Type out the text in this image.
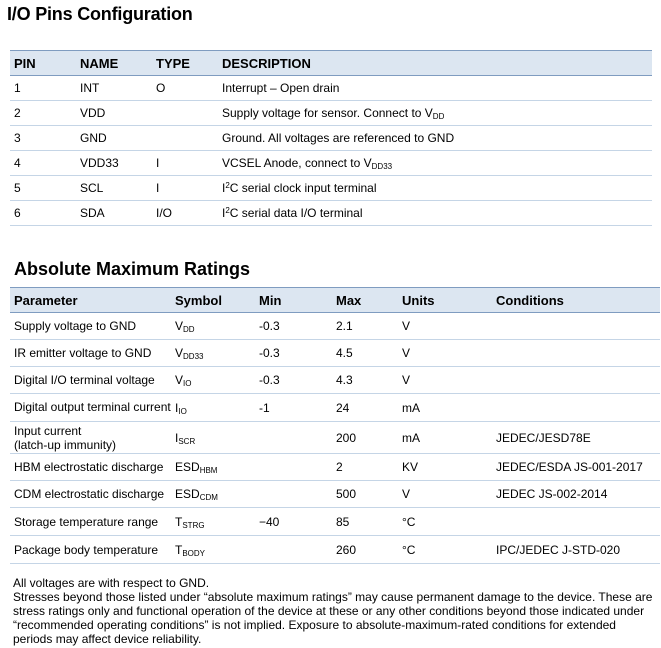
I/O Pins Configuration
PIN	NAME	TYPE	DESCRIPTION
1	INT	O	Interrupt – Open drain
2	VDD		Supply voltage for sensor. Connect to $V_{DD}$
3	GND		Ground. All voltages are referenced to GND
4	VDD33	I	VCSEL Anode, connect to $V_{DD33}$
5	SCL	I	$I^2C$ serial clock input terminal
6	SDA	I/O	$I^2C$ serial data I/O terminal
Absolute Maximum Ratings
Parameter	Symbol	Min	Max	Units	Conditions
Supply voltage to GND	$V_{DD}$	-0.3	2.1	V	
IR emitter voltage to GND	$V_{DD33}$	-0.3	4.5	V	
Digital I/O terminal voltage	$V_{IO}$	-0.3	4.3	V	
Digital output terminal current	$I_{IO}$	-1	24	mA	
Input current
(latch-up immunity)	$I_{SCR}$		200	mA	JEDEC/JESD78E
HBM electrostatic discharge	$ESD_{HBM}$		2	KV	JEDEC/ESDA JS-001-2017
CDM electrostatic discharge	$ESD_{CDM}$		500	V	JEDEC JS-002-2014
Storage temperature range	$T_{STRG}$	−40	85	°C	
Package body temperature	$T_{BODY}$		260	°C	IPC/JEDEC J-STD-020
All voltages are with respect to GND.
Stresses beyond those listed under “absolute maximum ratings” may cause permanent damage to the device. These are stress ratings only and functional operation of the device at these or any other conditions beyond those indicated under “recommended operating conditions” is not implied. Exposure to absolute-maximum-rated conditions for extended periods may affect device reliability.
